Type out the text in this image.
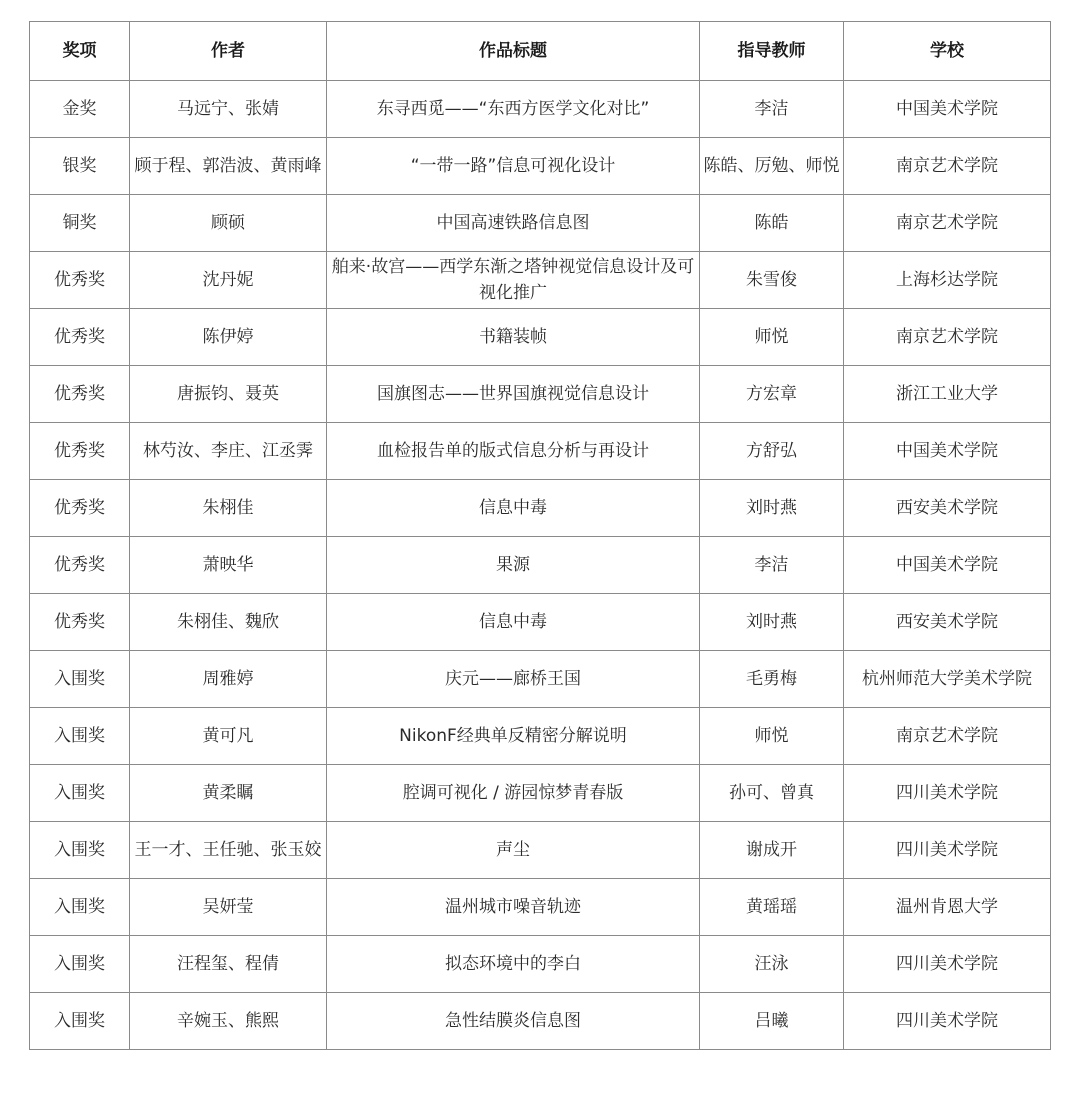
奖项	作者	作品标题	指导教师	学校
金奖	马远宁、张婧	东寻西觅——“东西方医学文化对比”	李洁	中国美术学院
银奖	顾于程、郭浩波、黄雨峰	“一带一路”信息可视化设计	陈皓、厉勉、师悦	南京艺术学院
铜奖	顾硕	中国高速铁路信息图	陈皓	南京艺术学院
优秀奖	沈丹妮	舶来·故宫——西学东渐之塔钟视觉信息设计及可视化推广	朱雪俊	上海杉达学院
优秀奖	陈伊婷	书籍装帧	师悦	南京艺术学院
优秀奖	唐振钧、聂英	国旗图志——世界国旗视觉信息设计	方宏章	浙江工业大学
优秀奖	林芍汝、李庄、江丞霁	血检报告单的版式信息分析与再设计	方舒弘	中国美术学院
优秀奖	朱栩佳	信息中毒	刘时燕	西安美术学院
优秀奖	萧映华	果源	李洁	中国美术学院
优秀奖	朱栩佳、魏欣	信息中毒	刘时燕	西安美术学院
入围奖	周雅婷	庆元——廊桥王国	毛勇梅	杭州师范大学美术学院
入围奖	黄可凡	NikonF经典单反精密分解说明	师悦	南京艺术学院
入围奖	黄柔瞩	腔调可视化 / 游园惊梦青春版	孙可、曾真	四川美术学院
入围奖	王一才、王任驰、张玉姣	声尘	谢成开	四川美术学院
入围奖	吴妍莹	温州城市噪音轨迹	黄瑶瑶	温州肯恩大学
入围奖	汪程玺、程倩	拟态环境中的李白	汪泳	四川美术学院
入围奖	辛婉玉、熊熙	急性结膜炎信息图	吕曦	四川美术学院
